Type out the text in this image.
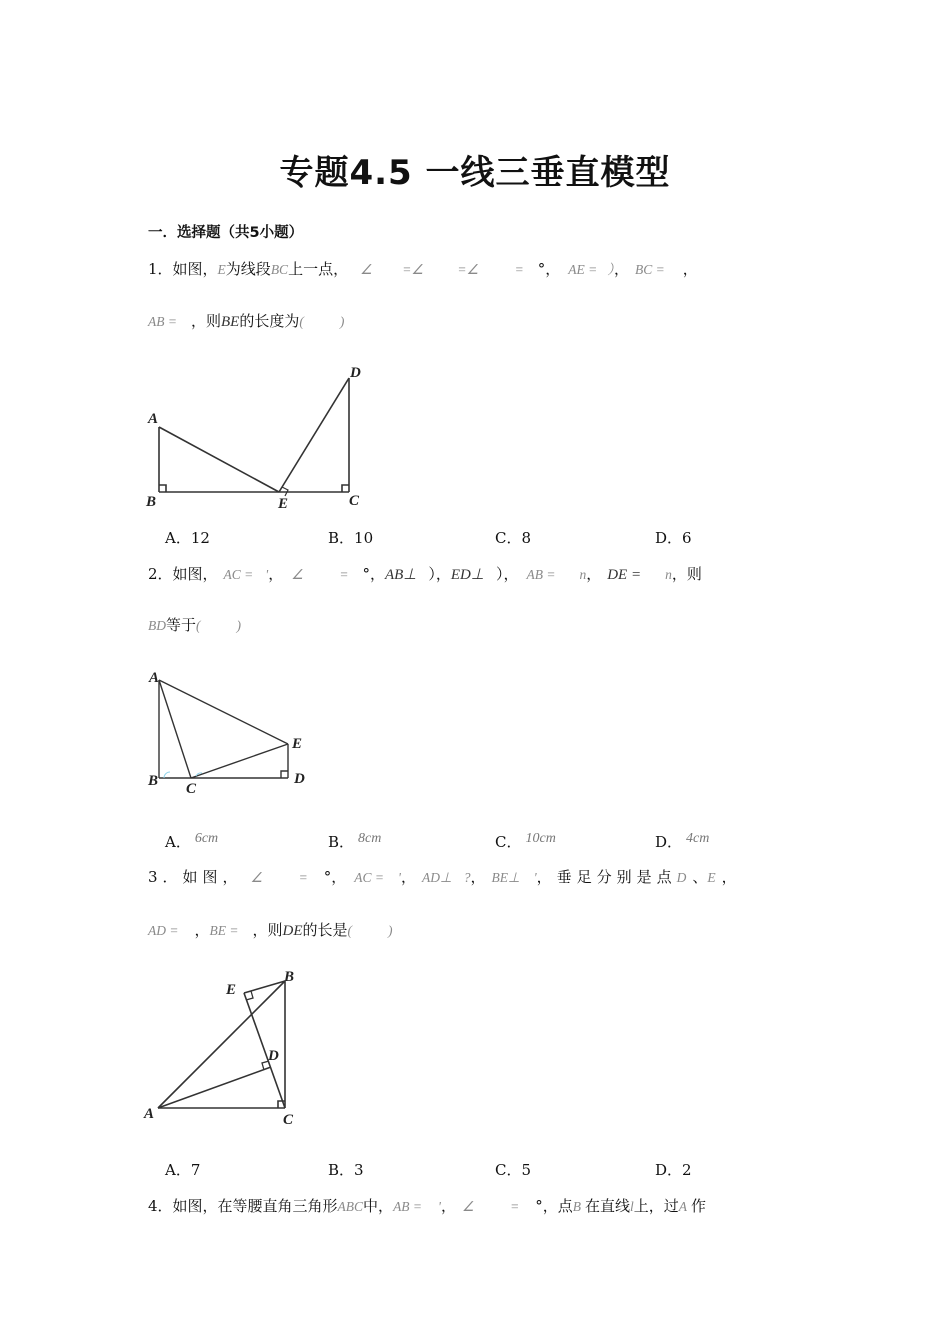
专题4.5 一线三垂直模型
一．选择题（共5小题）
1．如图，E为线段BC上一点， ∠ =∠	=∠	= °， AE = ）， BC = ，
AB = ，则BE的长度为(	)
A
B	E	C
D
A．12	B．10	C．8	D．6
2．如图， AC = '， ∠	= °，AB⊥ ），ED⊥ ）， AB = n， DE = n，则
BD等于(	)
A
B C
D
E
A． 6cm	B． 8cm	C． 10cm	D． 4cm
3．如图， ∠	= °， AC = '， AD⊥ ?， BE⊥ '，垂足分别是点D 、E ，
AD = ，BE = ，则DE的长是(	)
A
B
C
D
E
A．7	B．3	C．5	D．2
4．如图，在等腰直角三角形ABC中，AB = '， ∠	= °，点B 在直线l上，过A 作
